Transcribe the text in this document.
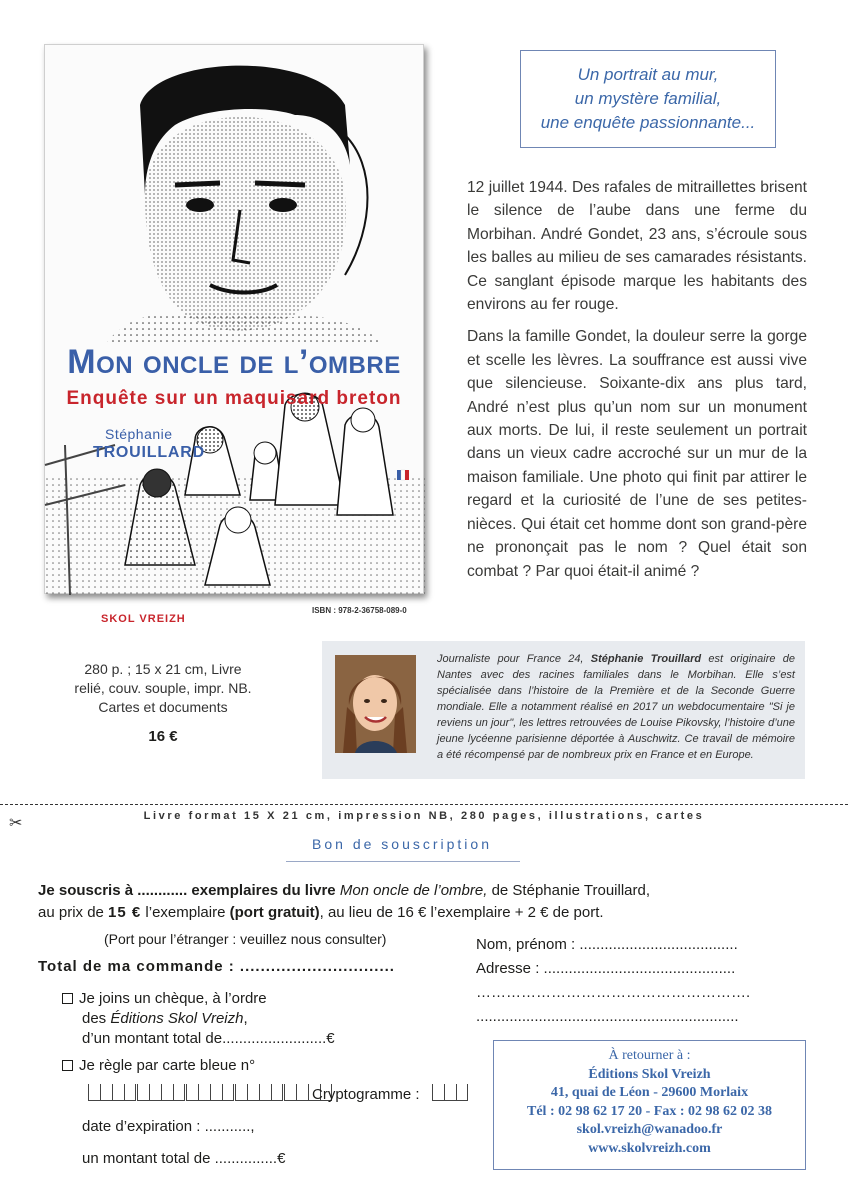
Mon oncle de l’ombre
Enquête sur un maquisard breton
Stéphanie
TROUILLARD
SKOL VREIZH
ISBN : 978-2-36758-089-0

Un portrait au mur,
un mystère familial,
une enquête passionnante...

12 juillet 1944. Des rafales de mitraillettes brisent le silence de l’aube dans une ferme du Morbihan. André Gondet, 23 ans, s’écroule sous les balles au milieu de ses camarades résistants. Ce sanglant épisode marque les habitants des environs au fer rouge.

Dans la famille Gondet, la douleur serre la gorge et scelle les lèvres. La souffrance est aussi vive que silencieuse. Soixante-dix ans plus tard, André n’est plus qu’un nom sur un monument aux morts. De lui, il reste seulement un portrait dans un vieux cadre accroché sur un mur de la maison familiale. Une photo qui finit par attirer le regard et la curiosité de l’une de ses petites-nièces. Qui était cet homme dont son grand-père ne prononçait pas le nom ? Quel était son combat ? Par quoi était-il animé ?

280 p. ; 15 x 21 cm, Livre
relié, couv. souple, impr. NB.
Cartes et documents
16 €
Journaliste pour France 24, Stéphanie Trouillard est originaire de Nantes avec des racines familiales dans le Morbihan. Elle s’est spécialisée dans l’histoire de la Première et de la Seconde Guerre mondiale. Elle a notamment réalisé en 2017 un webdocumentaire "Si je reviens un jour", les lettres retrouvées de Louise Pikovsky, l’histoire d’une jeune lycéenne parisienne déportée à Auschwitz. Ce travail de mémoire a été récompensé par de nombreux prix en France et en Europe.
✂	Livre format 15 X 21 cm, impression NB, 280 pages, illustrations, cartes
Bon de souscription
Je souscris à ............ exemplaires du livre Mon oncle de l’ombre, de Stéphanie Trouillard,
au prix de 15 € l’exemplaire (port gratuit), au lieu de 16 € l’exemplaire + 2 € de port.
(Port pour l’étranger : veuillez nous consulter)
Total de ma commande : ..............................
Nom, prénom : ......................................
Adresse : ..............................................
……………………………………………….
...............................................................
Je joins un chèque, à l’ordre
des Éditions Skol Vreizh,
d’un montant total de.........................€
Je règle par carte bleue n°
Cryptogramme :
date d’expiration : ...........,
un montant total de ...............€
À retourner à :
Éditions Skol Vreizh
41, quai de Léon - 29600 Morlaix
Tél : 02 98 62 17 20 - Fax : 02 98 62 02 38
skol.vreizh@wanadoo.fr
www.skolvreizh.com
